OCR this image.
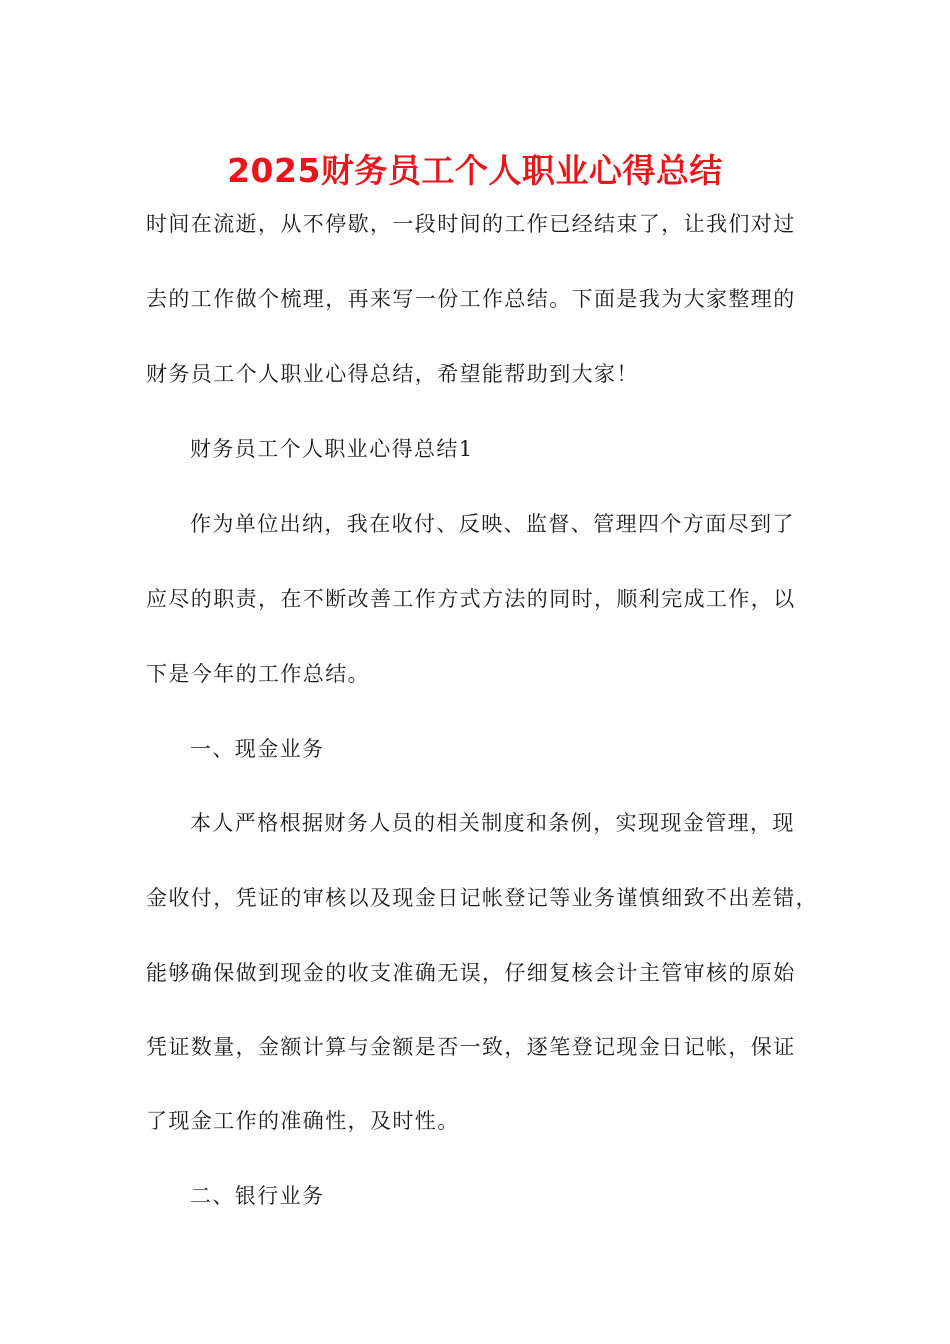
2025财务员工个人职业心得总结
时间在流逝，从不停歇，一段时间的工作已经结束了，让我们对过
去的工作做个梳理，再来写一份工作总结。下面是我为大家整理的
财务员工个人职业心得总结，希望能帮助到大家！
财务员工个人职业心得总结1
作为单位出纳，我在收付、反映、监督、管理四个方面尽到了
应尽的职责，在不断改善工作方式方法的同时，顺利完成工作，以
下是今年的工作总结。
一、现金业务
本人严格根据财务人员的相关制度和条例，实现现金管理，现
金收付，凭证的审核以及现金日记帐登记等业务谨慎细致不出差错，
能够确保做到现金的收支准确无误，仔细复核会计主管审核的原始
凭证数量，金额计算与金额是否一致，逐笔登记现金日记帐，保证
了现金工作的准确性，及时性。
二、银行业务
